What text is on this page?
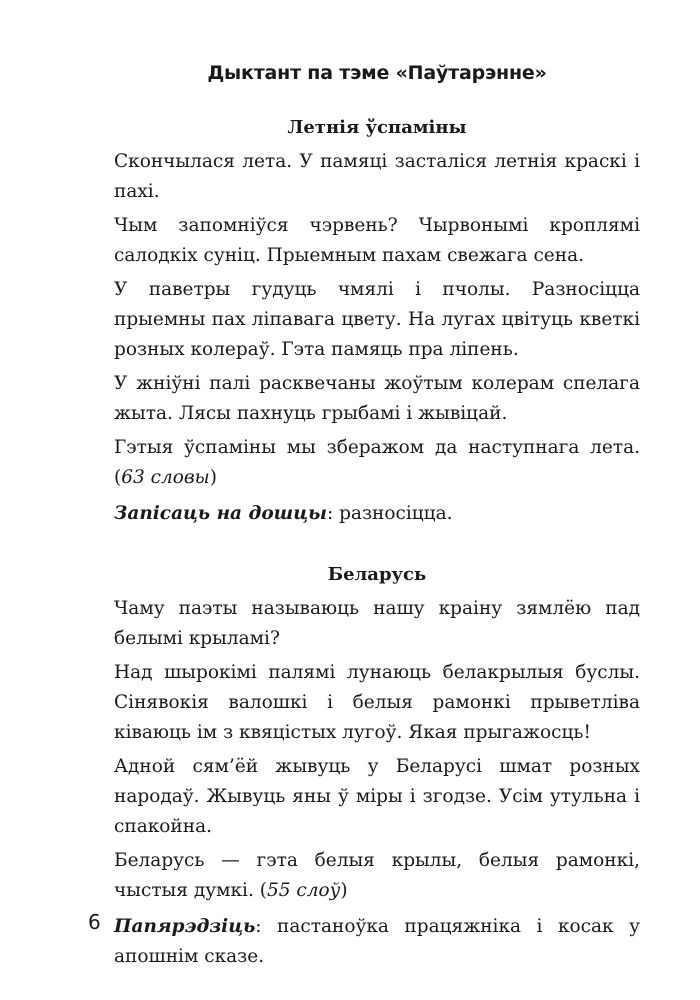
Дыктант па тэме «Паўтарэнне»
Летнія ўспаміны

Скончылася лета. У памяці засталіся летнія краскі і пахі.

Чым запомніўся чэрвень? Чырвонымі кроплямі салодкіх суніц. Прыемным пахам свежага сена.

У паветры гудуць чмялі і пчолы. Разносіцца прыемны пах ліпавага цвету. На лугах цвітуць кветкі розных колераў. Гэта памяць пра ліпень.

У жніўні палі расквечаны жоўтым колерам спелага жыта. Лясы пахнуць грыбамі і жывіцай.

Гэтыя ўспаміны мы зберажом да наступнага лета. (63 словы)

Запісаць на дошцы: разносіцца.

Беларусь

Чаму паэты называюць нашу краіну зямлёю пад белымі крыламі?

Над шырокімі палямі лунаюць белакрылыя буслы. Сінявокія валошкі і белыя рамонкі прыветліва ківаюць ім з квяцістых лугоў. Якая прыгажосць!

Адной сям’ёй жывуць у Беларусі шмат розных народаў. Жывуць яны ў міры і згодзе. Усім утульна і спакойна.

Беларусь — гэта белыя крылы, белыя рамонкі, чыстыя думкі. (55 слоў)

Папярэдзіць: пастаноўка працяжніка і косак у апошнім сказе.

6
